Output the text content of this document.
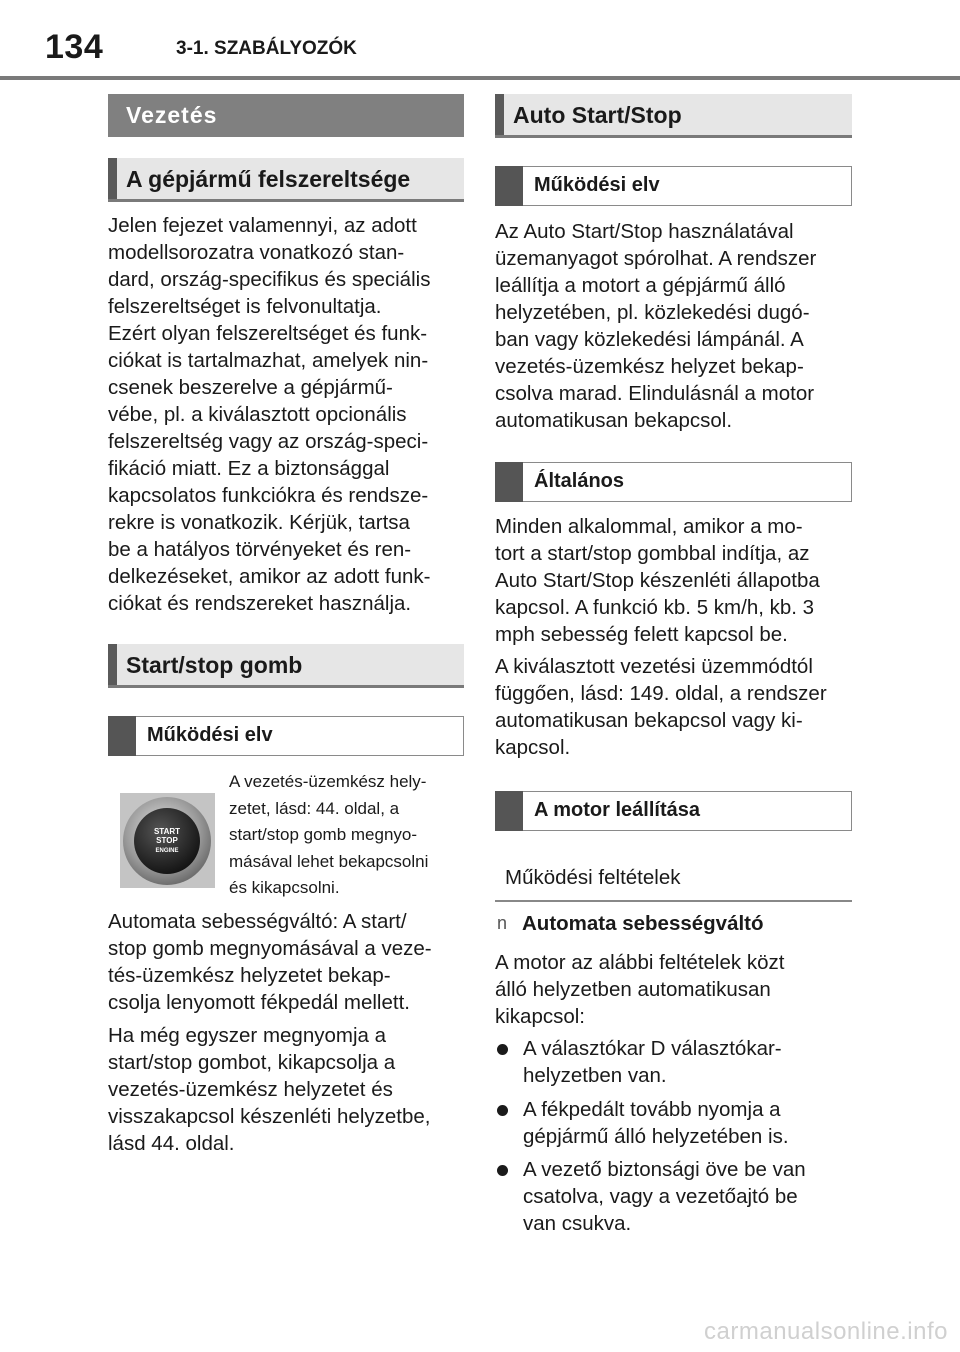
134	3-1. SZABÁLYOZÓK
Vezetés
A gépjármű felszereltsége

Jelen fejezet valamennyi, az adott

modellsorozatra vonatkozó stan-

dard, ország-specifikus és speciális

felszereltséget is felvonultatja.

Ezért olyan felszereltséget és funk-

ciókat is tartalmazhat, amelyek nin-

csenek beszerelve a gépjármű-

vébe, pl. a kiválasztott opcionális

felszereltség vagy az ország-speci-

fikáció miatt. Ez a biztonsággal

kapcsolatos funkciókra és rendsze-

rekre is vonatkozik. Kérjük, tartsa

be a hatályos törvényeket és ren-

delkezéseket, amikor az adott funk-

ciókat és rendszereket használja.

Start/stop gomb
Működési elv
START
STOP
ENGINE

A vezetés-üzemkész hely-

zetet, lásd: 44. oldal, a

start/stop gomb megnyo-

másával lehet bekapcsolni

és kikapcsolni.

Automata sebességváltó: A start/

stop gomb megnyomásával a veze-

tés-üzemkész helyzetet bekap-

csolja lenyomott fékpedál mellett.

Ha még egyszer megnyomja a

start/stop gombot, kikapcsolja a

vezetés-üzemkész helyzetet és

visszakapcsol készenléti helyzetbe,

lásd 44. oldal.

Auto Start/Stop
Működési elv

Az Auto Start/Stop használatával

üzemanyagot spórolhat. A rendszer

leállítja a motort a gépjármű álló

helyzetében, pl. közlekedési dugó-

ban vagy közlekedési lámpánál. A

vezetés-üzemkész helyzet bekap-

csolva marad. Elindulásnál a motor

automatikusan bekapcsol.

Általános

Minden alkalommal, amikor a mo-

tort a start/stop gombbal indítja, az

Auto Start/Stop készenléti állapotba

kapcsol. A funkció kb. 5 km/h, kb. 3

mph sebesség felett kapcsol be.

A kiválasztott vezetési üzemmódtól

függően, lásd: 149. oldal, a rendszer

automatikusan bekapcsol vagy ki-

kapcsol.

A motor leállítása
Működési feltételek
n Automata sebességváltó

A motor az alábbi feltételek közt

álló helyzetben automatikusan

kikapcsol:

A választókar D választókar-
helyzetben van.
A fékpedált tovább nyomja a
gépjármű álló helyzetében is.
A vezető biztonsági öve be van
csatolva, vagy a vezetőajtó be
van csukva.
carmanualsonline.info
